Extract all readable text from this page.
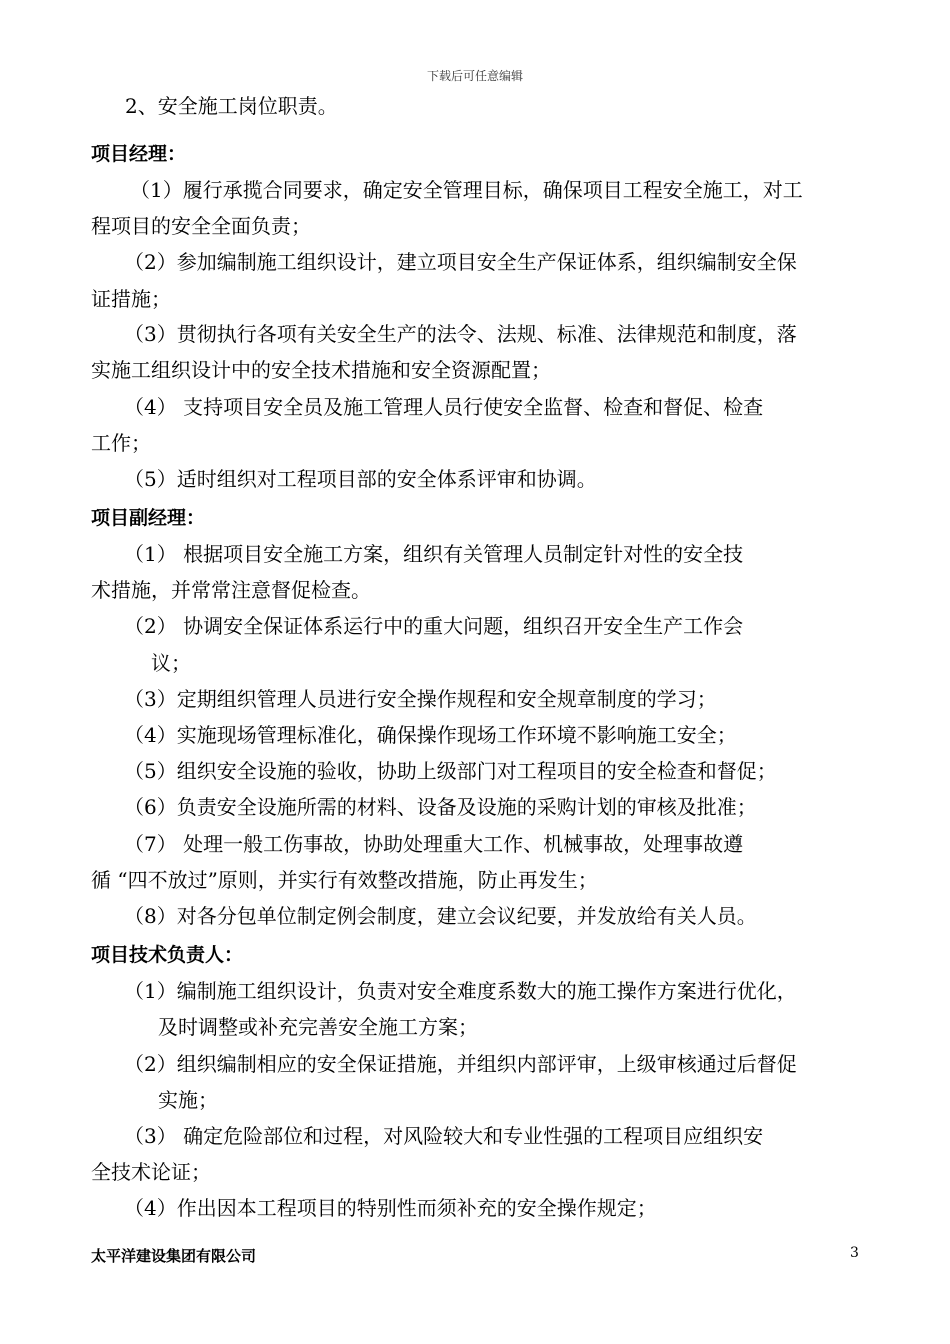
下载后可任意编辑
2、安全施工岗位职责。
项目经理：
（1）履行承揽合同要求，确定安全管理目标，确保项目工程安全施工，对工
程项目的安全全面负责；
（2）参加编制施工组织设计，建立项目安全生产保证体系，组织编制安全保
证措施；
（3）贯彻执行各项有关安全生产的法令、法规、标准、法律规范和制度，落
实施工组织设计中的安全技术措施和安全资源配置；
（4） 支持项目安全员及施工管理人员行使安全监督、检查和督促、检查
工作；
（5）适时组织对工程项目部的安全体系评审和协调。
项目副经理：
（1） 根据项目安全施工方案，组织有关管理人员制定针对性的安全技
术措施，并常常注意督促检查。
（2） 协调安全保证体系运行中的重大问题，组织召开安全生产工作会
议；
（3）定期组织管理人员进行安全操作规程和安全规章制度的学习；
（4）实施现场管理标准化，确保操作现场工作环境不影响施工安全；
（5）组织安全设施的验收，协助上级部门对工程项目的安全检查和督促；
（6）负责安全设施所需的材料、设备及设施的采购计划的审核及批准；
（7） 处理一般工伤事故，协助处理重大工作、机械事故，处理事故遵
循 “四不放过”原则，并实行有效整改措施，防止再发生；
（8）对各分包单位制定例会制度，建立会议纪要，并发放给有关人员。
项目技术负责人：
（1）编制施工组织设计，负责对安全难度系数大的施工操作方案进行优化，
及时调整或补充完善安全施工方案；
（2）组织编制相应的安全保证措施，并组织内部评审，上级审核通过后督促
实施；
（3） 确定危险部位和过程，对风险较大和专业性强的工程项目应组织安
全技术论证；
（4）作出因本工程项目的特别性而须补充的安全操作规定；
太平洋建设集团有限公司	3
